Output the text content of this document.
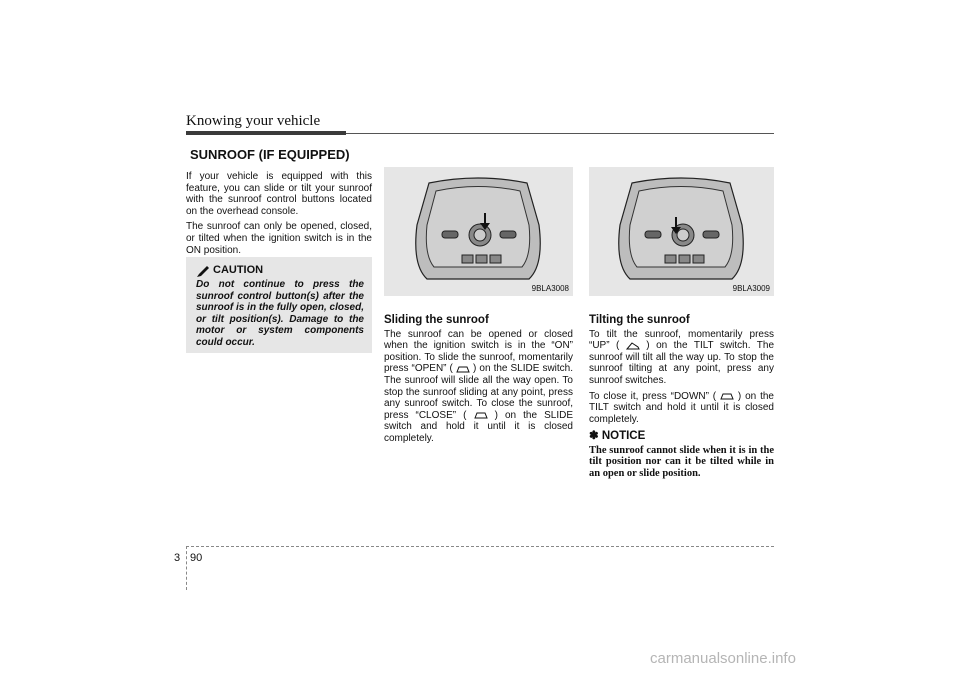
Knowing your vehicle
SUNROOF (IF EQUIPPED)

If your vehicle is equipped with this feature, you can slide or tilt your sunroof with the sunroof control buttons located on the overhead console.

The sunroof can only be opened, closed, or tilted when the ignition switch is in the ON position.

CAUTION
Do not continue to press the sunroof control button(s) after the sunroof is in the fully open, closed, or tilt position(s). Damage to the motor or system components could occur.
9BLA3008	9BLA3009
Sliding the sunroof

The sunroof can be opened or closed when the ignition switch is in the “ON” position. To slide the sunroof, momentarily press “OPEN” ( ) on the SLIDE switch. The sunroof will slide all the way open. To stop the sunroof sliding at any point, press any sunroof switch. To close the sunroof, press “CLOSE” (	) on the SLIDE switch and hold it until it is closed completely.

Tilting the sunroof

To tilt the sunroof, momentarily press “UP” (	) on the TILT switch. The sunroof will tilt all the way up. To stop the sunroof tilting at any point, press any sunroof switches.

To close it, press “DOWN” ( ) on the TILT switch and hold it until it is closed completely.

✽ NOTICE
The sunroof cannot slide when it is in the tilt position nor can it be tilted while in an open or slide position.
3 90
carmanualsonline.info
